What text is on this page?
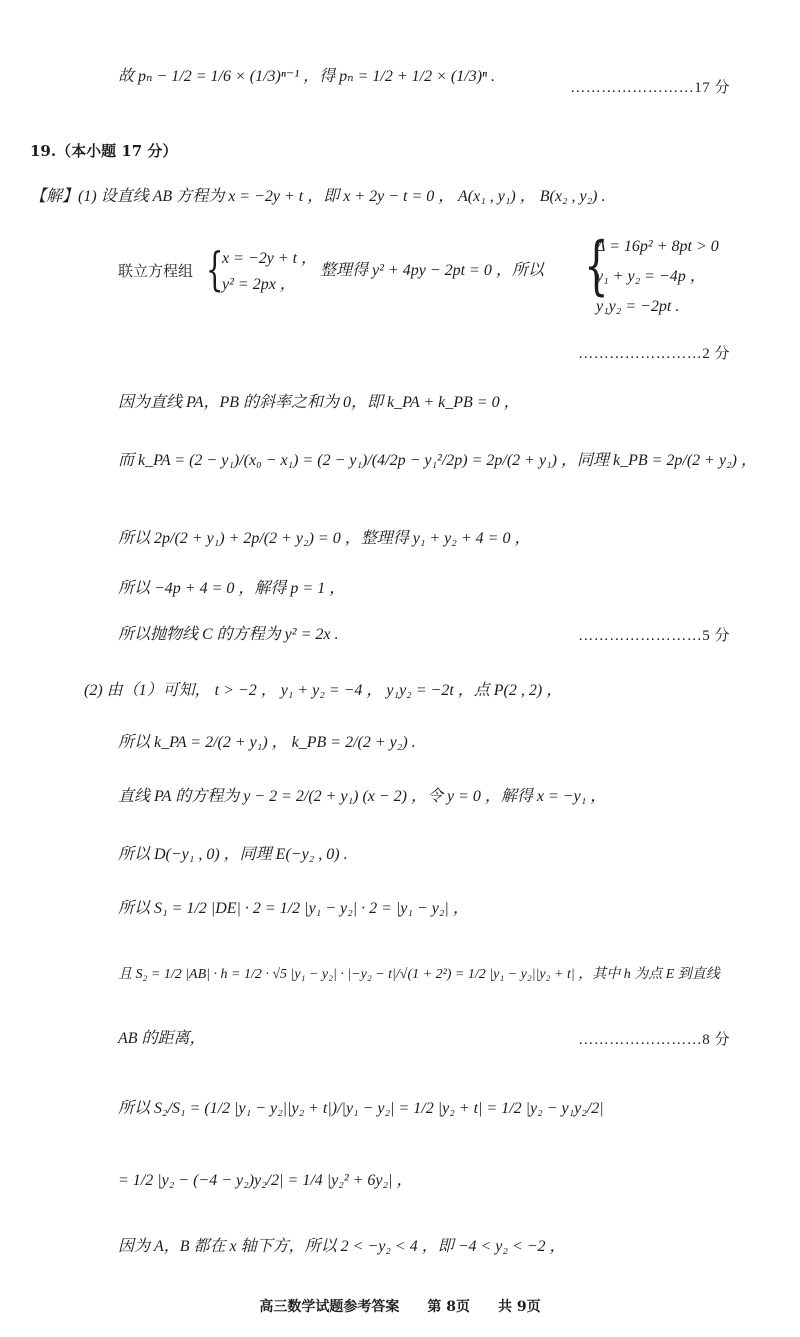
故 pₙ − 1/2 = 1/6 × (1/3)ⁿ⁻¹ ，得 pₙ = 1/2 + 1/2 × (1/3)ⁿ .
……………………17 分
19.（本小题 17 分）
【解】(1) 设直线 AB 方程为 x = −2y + t ，即 x + 2y − t = 0 ， A(x₁ , y₁) ， B(x₂ , y₂) .
联立方程组 {
x = −2y + t ，
y² = 2px ，
整理得 y² + 4py − 2pt = 0 ，所以 {
Δ = 16p² + 8pt > 0
y₁ + y₂ = −4p ，
y₁y₂ = −2pt .
……………………2 分
因为直线 PA，PB 的斜率之和为 0，即 k_PA + k_PB = 0 ，
而 k_PA = (2 − y₁)/(x₀ − x₁) = (2 − y₁)/(4/2p − y₁²/2p) = 2p/(2 + y₁) ，同理 k_PB = 2p/(2 + y₂) ，
所以 2p/(2 + y₁) + 2p/(2 + y₂) = 0 ，整理得 y₁ + y₂ + 4 = 0 ，
所以 −4p + 4 = 0 ，解得 p = 1 ，
所以抛物线 C 的方程为 y² = 2x .	……………………5 分
(2) 由（1）可知， t > −2 ， y₁ + y₂ = −4 ， y₁y₂ = −2t ，点 P(2 , 2) ，
所以 k_PA = 2/(2 + y₁) ， k_PB = 2/(2 + y₂) .
直线 PA 的方程为 y − 2 = 2/(2 + y₁) (x − 2) ，令 y = 0 ，解得 x = −y₁ ，
所以 D(−y₁ , 0) ，同理 E(−y₂ , 0) .
所以 S₁ = 1/2 |DE| · 2 = 1/2 |y₁ − y₂| · 2 = |y₁ − y₂| ，
且 S₂ = 1/2 |AB| · h = 1/2 · √5 |y₁ − y₂| · |−y₂ − t|/√(1 + 2²) = 1/2 |y₁ − y₂||y₂ + t| ，其中 h 为点 E 到直线
AB 的距离，	……………………8 分
所以 S₂/S₁ = (1/2 |y₁ − y₂||y₂ + t|)/|y₁ − y₂| = 1/2 |y₂ + t| = 1/2 |y₂ − y₁y₂/2|
= 1/2 |y₂ − (−4 − y₂)y₂/2| = 1/4 |y₂² + 6y₂| ，
因为 A，B 都在 x 轴下方，所以 2 < −y₂ < 4 ，即 −4 < y₂ < −2 ，
高三数学试题参考答案　　第 8页　　共 9页
